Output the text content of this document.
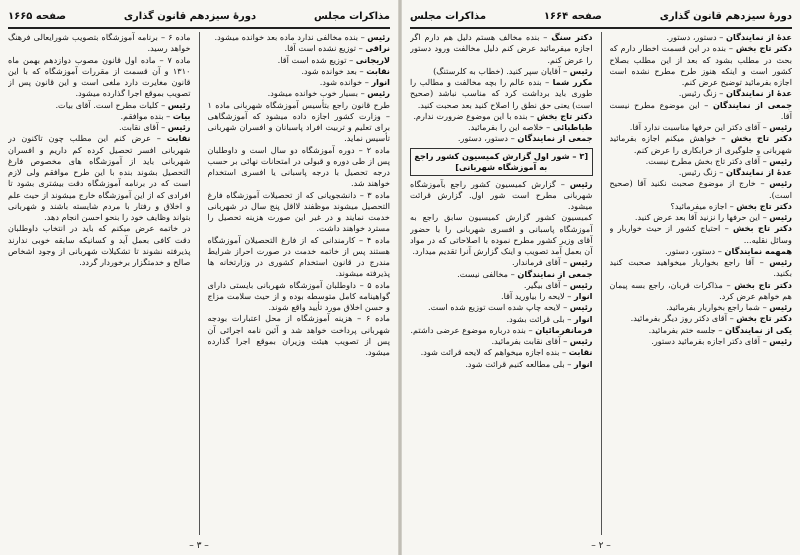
مذاکرات مجلس
دورهٔ سیزدهم قانون گذاری
صفحه ۱۶۶۵

رئیس – بنده مخالفی ندارد ماده بعد خوانده میشود.

نراقی – توزیع نشده است آقا.

لاریجانی – توزیع شده است آقا.

نقابت – بعد خوانده شود.

انوار – خوانده شود.

رئیس – بسیار خوب خوانده میشود.

طرح قانون راجع بتأسیس آموزشگاه شهربانی ماده ۱ – وزارت کشور اجازه داده میشود که آموزشگاهی برای تعلیم و تربیت افراد پاسبانان و افسران شهربانی تأسیس نماید.

ماده ۲ – دوره آموزشگاه دو سال است و داوطلبان پس از طی دوره و قبولی در امتحانات نهائی بر حسب درجه تحصیل با درجه پاسبانی یا افسری استخدام خواهند شد.

ماده ۳ – دانشجویانی که از تحصیلات آموزشگاه فارغ التحصیل میشوند موظفند لااقل پنج سال در شهربانی خدمت نمایند و در غیر این صورت هزینه تحصیل را مسترد خواهند داشت.

ماده ۴ – کارمندانی که از فارغ التحصیلان آموزشگاه هستند پس از خاتمه خدمت در صورت احراز شرایط مندرج در قانون استخدام کشوری در وزارتخانه ها پذیرفته میشوند.

ماده ۵ – داوطلبان آموزشگاه شهربانی بایستی دارای گواهینامه کامل متوسطه بوده و از حیث سلامت مزاج و حسن اخلاق مورد تأیید واقع شوند.

ماده ۶ – هزینه آموزشگاه از محل اعتبارات بودجه شهربانی پرداخت خواهد شد و آئین نامه اجرائی آن پس از تصویب هیئت وزیران بموقع اجرا گذارده میشود.

ماده ۶ – برنامه آموزشگاه بتصویب شورایعالی فرهنگ خواهد رسید.

ماده ۷ – ماده اول قانون مصوب دوازدهم بهمن ماه ۱۳۱۰ و آن قسمت از مقررات آموزشگاه که با این قانون مغایرت دارد ملغی است و این قانون پس از تصویب بموقع اجرا گذارده میشود.

رئیس – کلیات مطرح است. آقای بیات.

بیات – بنده موافقم.

رئیس – آقای نقابت.

نقابت – عرض کنم این مطلب چون تاکنون در شهربانی افسر تحصیل کرده کم داریم و افسران شهربانی باید از آموزشگاه های مخصوص فارغ التحصیل بشوند بنده با این طرح موافقم ولی لازم است که در برنامه آموزشگاه دقت بیشتری بشود تا افرادی که از این آموزشگاه خارج میشوند از حیث علم و اخلاق و رفتار با مردم شایسته باشند و شهربانی بتواند وظایف خود را بنحو احسن انجام دهد.

در خاتمه عرض میکنم که باید در انتخاب داوطلبان دقت کافی بعمل آید و کسانیکه سابقه خوبی ندارند پذیرفته نشوند تا تشکیلات شهربانی از وجود اشخاص صالح و خدمتگزار برخوردار گردد.

– ۳ –
دورهٔ سیزدهم قانون گذاری
صفحه ۱۶۶۴
مذاکرات مجلس

عدۀ از نمایندگان – دستور، دستور.

دکتر تاج بخش – بنده در این قسمت اخطار دارم که بحث در مطلب بشود که بعد از این مطلب بصلاح کشور است و اینکه هنوز طرح مطرح نشده است اجازه بفرمائید توضیح عرض کنم.

عدۀ از نمایندگان – زنگ رئیس.

جمعی از نمایندگان – این موضوع مطرح نیست آقا.

رئیس – آقای دکتر این حرفها مناسبت ندارد آقا.

دکتر تاج بخش – خواهش میکنم اجازه بفرمائید شهربانی و جلوگیری از خرابکاری را عرض کنم.

رئیس – آقای دکتر تاج بخش مطرح نیست.

عدۀ از نمایندگان – زنگ رئیس.

رئیس – خارج از موضوع صحبت نکنید آقا (صحیح است).

دکتر تاج بخش – اجازه میفرمائید؟

رئیس – این حرفها را نزنید آقا بعد عرض کنید.

دکتر تاج بخش – احتیاج کشور از حیث خواربار و وسائل نقلیه...

همهمه نمایندگان – دستور، دستور.

رئیس – آقا راجع بخواربار میخواهید صحبت کنید بکنید.

دکتر تاج بخش – مذاکرات قربان، راجع بسه پیمان هم خواهم عرض کرد.

رئیس – شما راجع بخواربار بفرمائید.

دکتر تاج بخش – آقای دکتر روز دیگر بفرمائید.

یکی از نمایندگان – جلسه ختم بفرمائید.

رئیس – آقای دکتر اجازه بفرمائید دستور.

دکتر سنگ – بنده مخالف هستم دلیل هم دارم اگر اجازه میفرمائید عرض کنم دلیل مخالفت ورود دستور را عرض کنم.

رئیس – آقایان سپر کنید. (خطاب به کلرستنگ)

مکرر شما – بنده عالم را بچه مخالفت و مطالب را طوری باید برداشت کرد که مناسب نباشد (صحیح است) یعنی حق نطق را اصلاح کنید بعد صحبت کنید.

دکتر تاج بخش – بنده با این موضوع ضرورت ندارم.

طباطبائی – خلاصه این را بفرمائید.

جمعی از نمایندگان – دستور، دستور.

[۳ – شور اول گزارش کمیسیون کشور راجع به آموزشگاه شهربانی]

رئیس – گزارش کمیسیون کشور راجع بآموزشگاه شهربانی مطرح است شور اول. گزارش قرائت میشود.

کمیسیون کشور گزارش کمیسیون سابق راجع به آموزشگاه پاسبانی و افسری شهربانی را با حضور آقای وزیر کشور مطرح نموده با اصلاحاتی که در مواد آن بعمل آمد تصویب و اینک گزارش آنرا تقدیم میدارد.

رئیس – آقای فرماندار.

جمعی از نمایندگان – مخالفی نیست.

رئیس – آقای بیگیر.

انوار – لایحه را بیاورید آقا.

رئیس – لایحه چاپ شده است توزیع شده است.

انوار – بلی قرائت بشود.

فرمانفرمائیان – بنده درباره موضوع عرضی داشتم.

رئیس – آقای نقابت بفرمائید.

نقابت – بنده اجازه میخواهم که لایحه قرائت شود.

انوار – بلی مطالعه کنیم قرائت شود.

– ۲ –
